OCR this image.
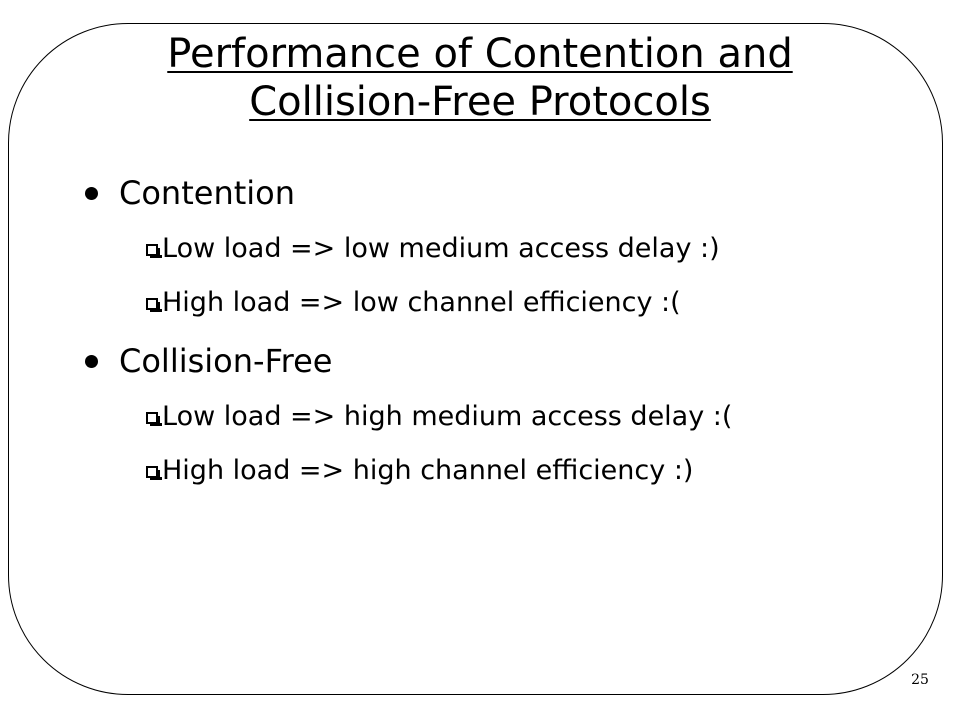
Performance of Contention and
Collision-Free Protocols
Contention
Low load => low medium access delay :)
High load => low channel efficiency :(
Collision-Free
Low load => high medium access delay :(
High load => high channel efficiency :)
25
